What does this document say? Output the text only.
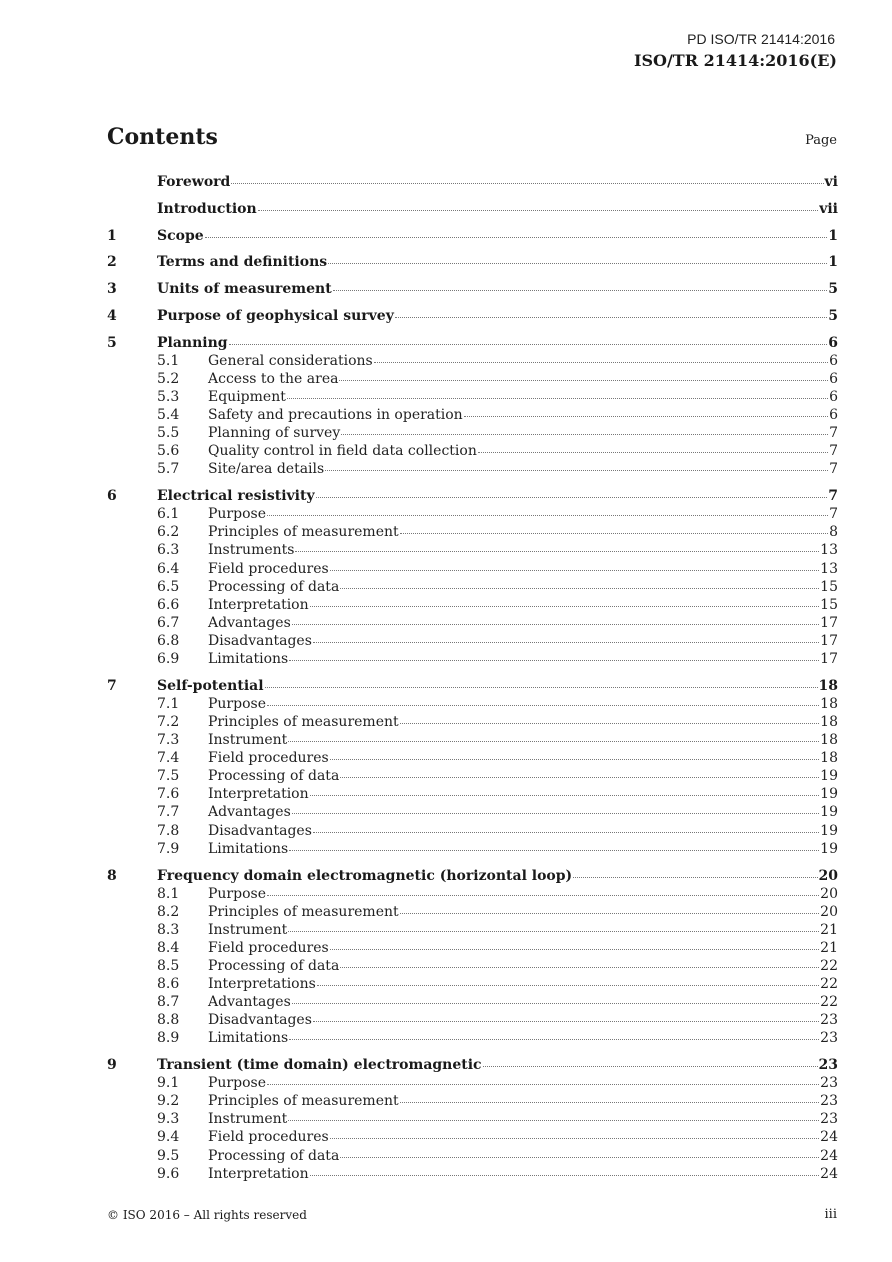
PD ISO/TR 21414:2016
ISO/TR 21414:2016(E)
Contents	Page
Foreword	vi
Introduction	vii
1	Scope	1
2	Terms and definitions	1
3	Units of measurement	5
4	Purpose of geophysical survey	5
5	Planning	6
5.1	General considerations	6
5.2	Access to the area	6
5.3	Equipment	6
5.4	Safety and precautions in operation	6
5.5	Planning of survey	7
5.6	Quality control in field data collection	7
5.7	Site/area details	7
6	Electrical resistivity	7
6.1	Purpose	7
6.2	Principles of measurement	8
6.3	Instruments	13
6.4	Field procedures	13
6.5	Processing of data	15
6.6	Interpretation	15
6.7	Advantages	17
6.8	Disadvantages	17
6.9	Limitations	17
7	Self-potential	18
7.1	Purpose	18
7.2	Principles of measurement	18
7.3	Instrument	18
7.4	Field procedures	18
7.5	Processing of data	19
7.6	Interpretation	19
7.7	Advantages	19
7.8	Disadvantages	19
7.9	Limitations	19
8	Frequency domain electromagnetic (horizontal loop)	20
8.1	Purpose	20
8.2	Principles of measurement	20
8.3	Instrument	21
8.4	Field procedures	21
8.5	Processing of data	22
8.6	Interpretations	22
8.7	Advantages	22
8.8	Disadvantages	23
8.9	Limitations	23
9	Transient (time domain) electromagnetic	23
9.1	Purpose	23
9.2	Principles of measurement	23
9.3	Instrument	23
9.4	Field procedures	24
9.5	Processing of data	24
9.6	Interpretation	24
© ISO 2016 – All rights reserved	iii
